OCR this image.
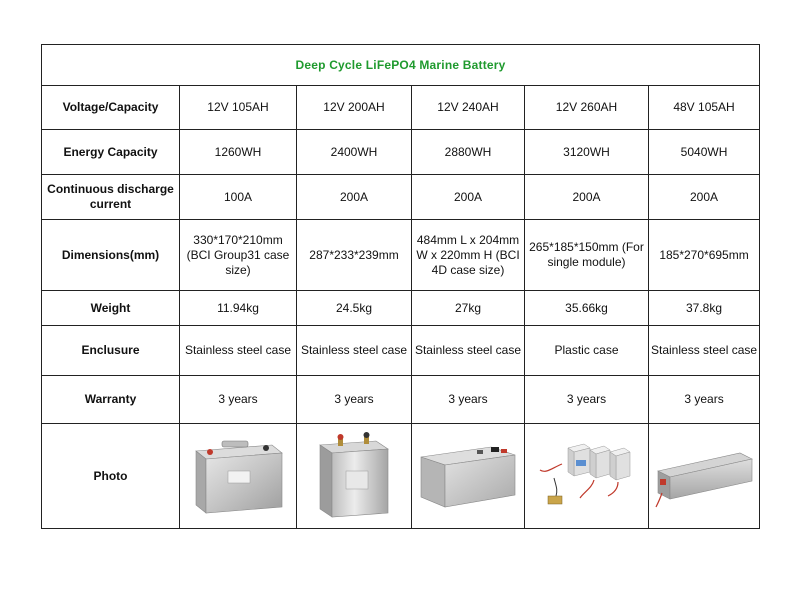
Deep Cycle LiFePO4 Marine Battery					
Voltage/Capacity	12V 105AH	12V 200AH	12V 240AH	12V 260AH	48V 105AH
Energy Capacity	1260WH	2400WH	2880WH	3120WH	5040WH
Continuous discharge current	100A	200A	200A	200A	200A
Dimensions(mm)	330*170*210mm (BCI Group31 case size)	287*233*239mm	484mm L x 204mm W x 220mm H (BCI 4D case size)	265*185*150mm (For single module)	185*270*695mm
Weight	11.94kg	24.5kg	27kg	35.66kg	37.8kg
Enclusure	Stainless steel case	Stainless steel case	Stainless steel case	Plastic case	Stainless steel case
Warranty	3 years	3 years	3 years	3 years	3 years
Photo	
